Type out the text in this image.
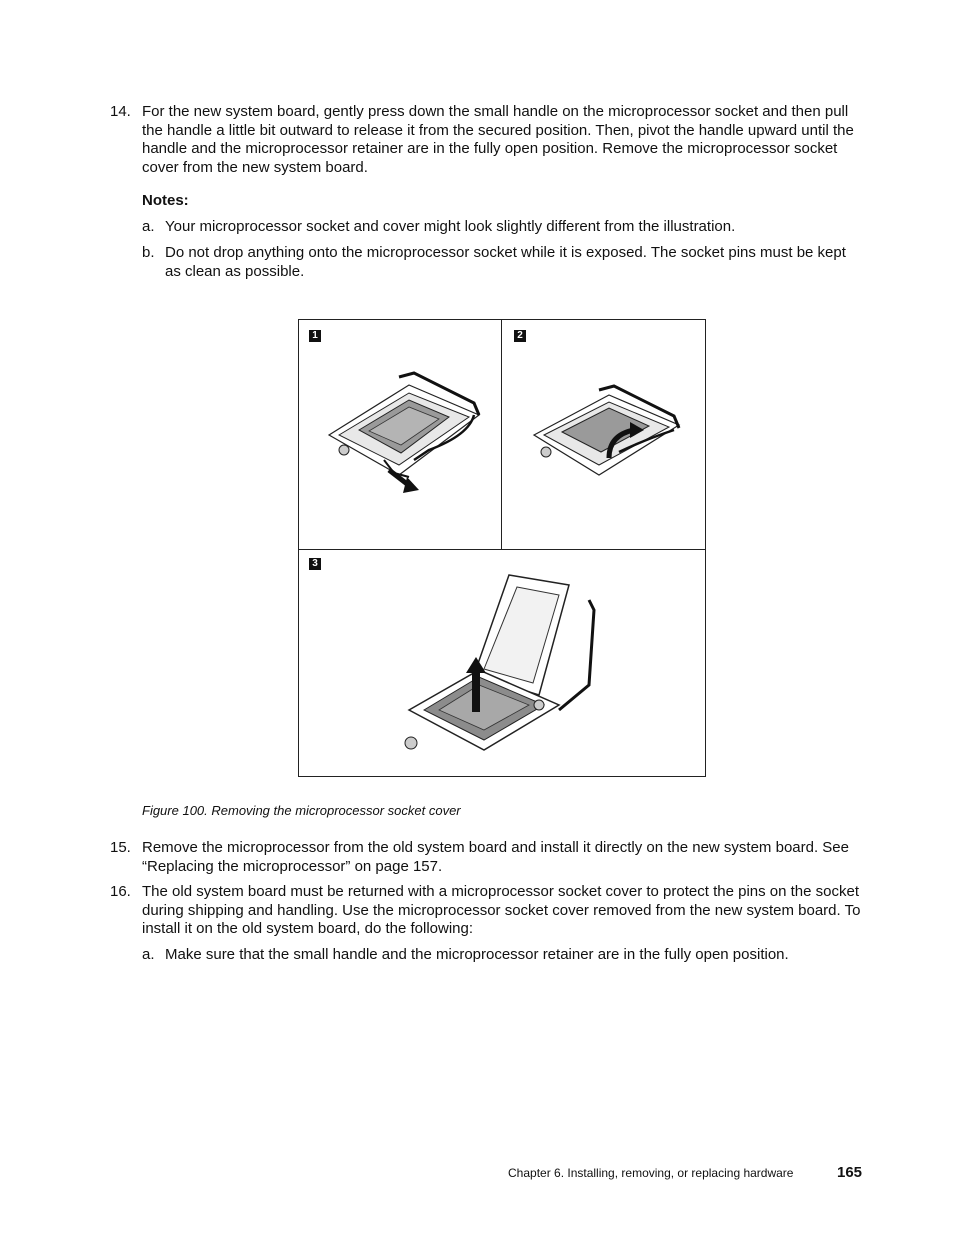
14. For the new system board, gently press down the small handle on the microprocessor socket and then pull the handle a little bit outward to release it from the secured position. Then, pivot the handle upward until the handle and the microprocessor retainer are in the fully open position. Remove the microprocessor socket cover from the new system board.
Notes:
a. Your microprocessor socket and cover might look slightly different from the illustration.
b. Do not drop anything onto the microprocessor socket while it is exposed. The socket pins must be kept as clean as possible.
1	2
3
Figure 100. Removing the microprocessor socket cover
15. Remove the microprocessor from the old system board and install it directly on the new system board. See “Replacing the microprocessor” on page 157.
16. The old system board must be returned with a microprocessor socket cover to protect the pins on the socket during shipping and handling. Use the microprocessor socket cover removed from the new system board. To install it on the old system board, do the following:
a. Make sure that the small handle and the microprocessor retainer are in the fully open position.
Chapter 6. Installing, removing, or replacing hardware	165
